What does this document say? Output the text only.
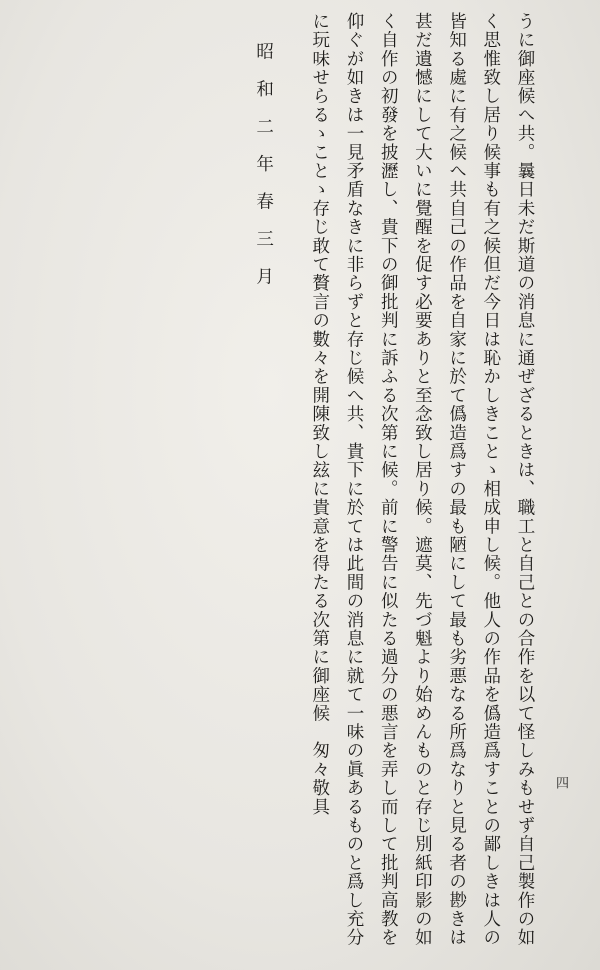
うに御座候へ共。曩日未だ斯道の消息に通ぜざるときは、職工と自己との合作を以て怪しみもせず自己製作の如

く思惟致し居り候事も有之候但だ今日は恥かしきことゝ相成申し候。他人の作品を僞造爲すことの鄙しきは人の

皆知る處に有之候へ共自己の作品を自家に於て僞造爲すの最も陋にして最も劣悪なる所爲なりと見る者の尠きは

甚だ遺憾にして大いに覺醒を促す必要ありと至念致し居り候。遮莫、先づ魁より始めんものと存じ別紙印影の如

く自作の初發を披瀝し、貴下の御批判に訴ふる次第に候。前に警告に似たる過分の悪言を弄し而して批判高教を

仰ぐが如きは一見矛盾なきに非らずと存じ候へ共、貴下に於ては此間の消息に就て一味の眞あるものと爲し充分

に玩味せらるゝことゝ存じ敢て贅言の數々を開陳致し玆に貴意を得たる次第に御座候　匆々敬具

昭和二年春三月

四
